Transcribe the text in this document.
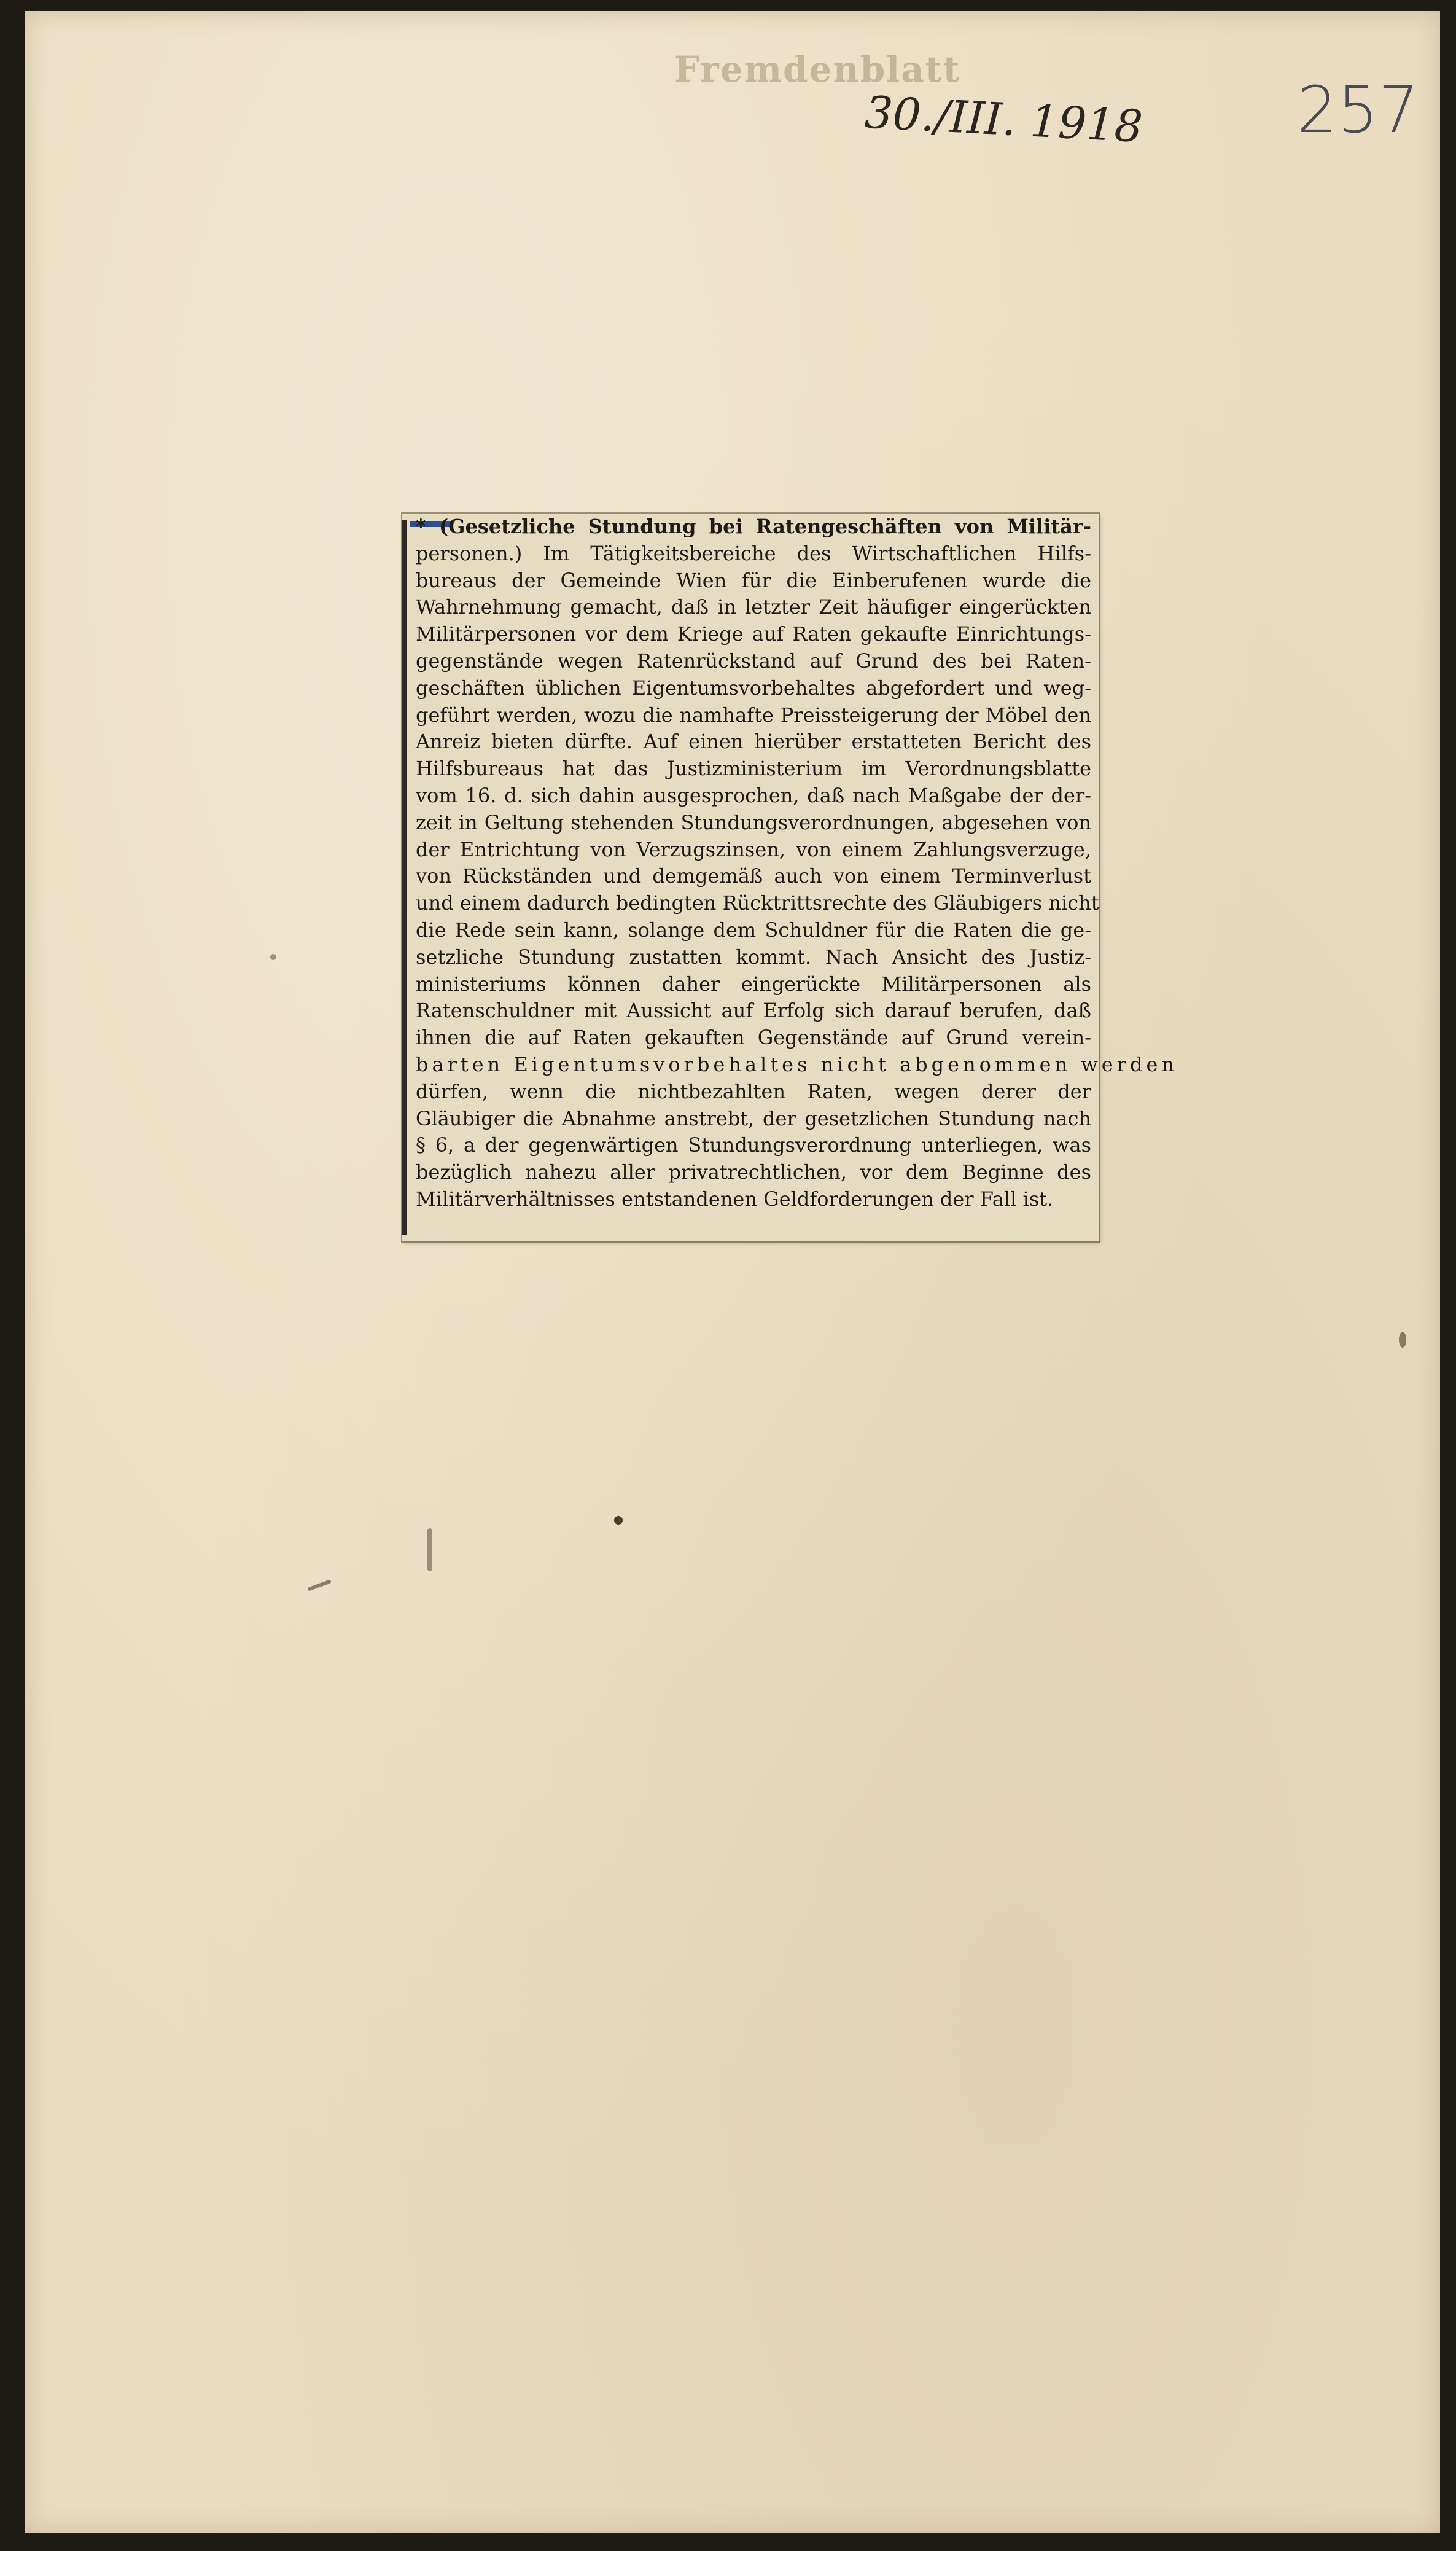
Fremdenblatt
30./III. 1918 257
* (Gesetzliche Stundung bei Ratengeschäften von Militär-
personen.) Im Tätigkeitsbereiche des Wirtschaftlichen Hilfs-
bureaus der Gemeinde Wien für die Einberufenen wurde die
Wahrnehmung gemacht, daß in letzter Zeit häufiger eingerückten
Militärpersonen vor dem Kriege auf Raten gekaufte Einrichtungs-
gegenstände wegen Ratenrückstand auf Grund des bei Raten-
geschäften üblichen Eigentumsvorbehaltes abgefordert und weg-
geführt werden, wozu die namhafte Preissteigerung der Möbel den
Anreiz bieten dürfte. Auf einen hierüber erstatteten Bericht des
Hilfsbureaus hat das Justizministerium im Verordnungsblatte
vom 16. d. sich dahin ausgesprochen, daß nach Maßgabe der der-
zeit in Geltung stehenden Stundungsverordnungen, abgesehen von
der Entrichtung von Verzugszinsen, von einem Zahlungsverzuge,
von Rückständen und demgemäß auch von einem Terminverlust
und einem dadurch bedingten Rücktrittsrechte des Gläubigers nicht
die Rede sein kann, solange dem Schuldner für die Raten die ge-
setzliche Stundung zustatten kommt. Nach Ansicht des Justiz-
ministeriums können daher eingerückte Militärpersonen als
Ratenschuldner mit Aussicht auf Erfolg sich darauf berufen, daß
ihnen die auf Raten gekauften Gegenstände auf Grund verein-
barten Eigentumsvorbehaltes nicht abgenommen werden
dürfen, wenn die nichtbezahlten Raten, wegen derer der
Gläubiger die Abnahme anstrebt, der gesetzlichen Stundung nach
§ 6, a der gegenwärtigen Stundungsverordnung unterliegen, was
bezüglich nahezu aller privatrechtlichen, vor dem Beginne des
Militärverhältnisses entstandenen Geldforderungen der Fall ist.
